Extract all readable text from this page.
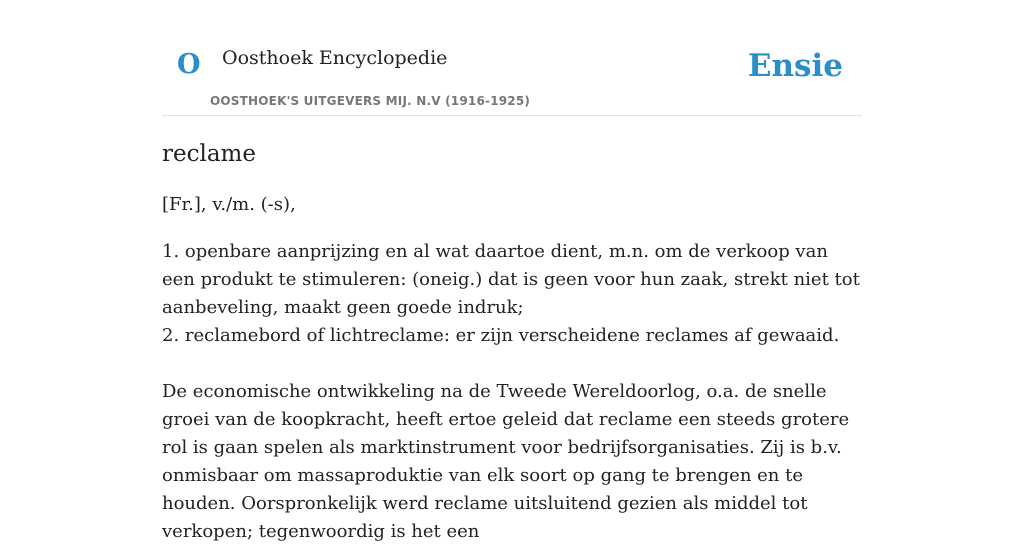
O Oosthoek Encyclopedie
OOSTHOEK'S UITGEVERS MIJ. N.V (1916-1925)
Ensie
reclame

[Fr.], v./m. (-s),

1. openbare aanprijzing en al wat daartoe dient, m.n. om de verkoop van een produkt te stimuleren: (oneig.) dat is geen voor hun zaak, strekt niet tot aanbeveling, maakt geen goede indruk;
2. reclamebord of lichtreclame: er zijn verscheidene reclames af gewaaid.

De economische ontwikkeling na de Tweede Wereldoorlog, o.a. de snelle groei van de koopkracht, heeft ertoe geleid dat reclame een steeds grotere rol is gaan spelen als marktinstrument voor bedrijfsorganisaties. Zij is b.v. onmisbaar om massaproduktie van elk soort op gang te brengen en te houden. Oorspronkelijk werd reclame uitsluitend gezien als middel tot verkopen; tegenwoordig is het een
